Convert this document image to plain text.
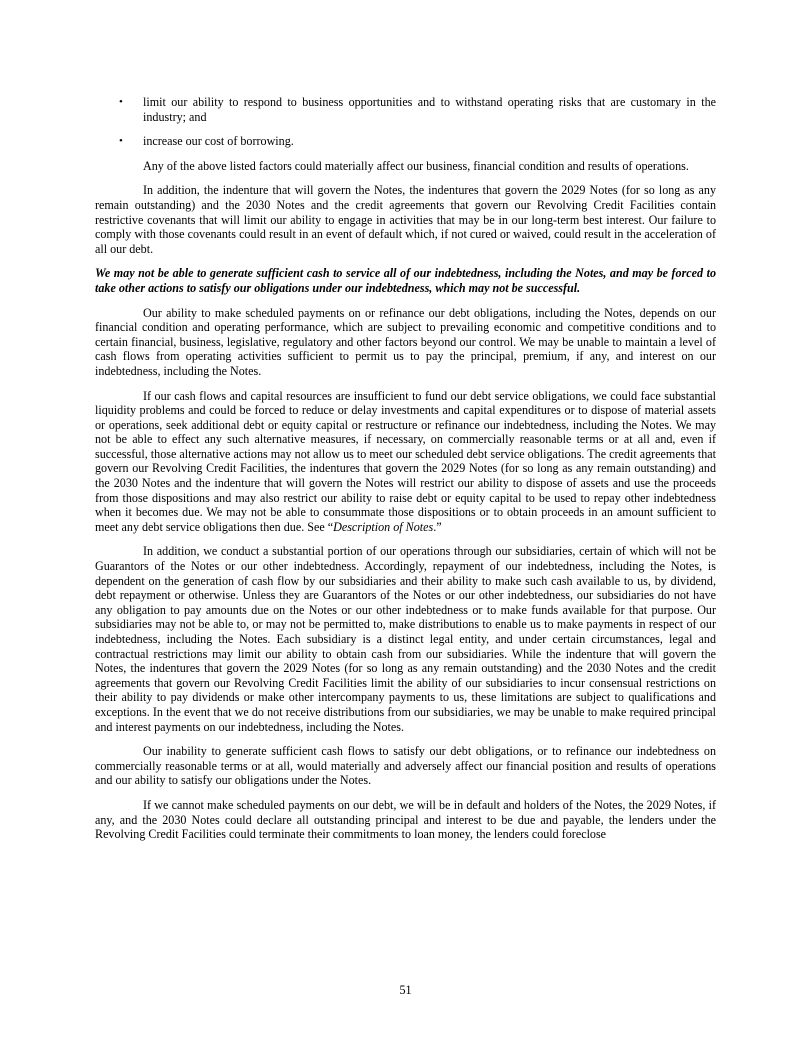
• limit our ability to respond to business opportunities and to withstand operating risks that are customary in the industry; and
• increase our cost of borrowing.

Any of the above listed factors could materially affect our business, financial condition and results of operations.

In addition, the indenture that will govern the Notes, the indentures that govern the 2029 Notes (for so long as any remain outstanding) and the 2030 Notes and the credit agreements that govern our Revolving Credit Facilities contain restrictive covenants that will limit our ability to engage in activities that may be in our long-term best interest. Our failure to comply with those covenants could result in an event of default which, if not cured or waived, could result in the acceleration of all our debt.

We may not be able to generate sufficient cash to service all of our indebtedness, including the Notes, and may be forced to take other actions to satisfy our obligations under our indebtedness, which may not be successful.

Our ability to make scheduled payments on or refinance our debt obligations, including the Notes, depends on our financial condition and operating performance, which are subject to prevailing economic and competitive conditions and to certain financial, business, legislative, regulatory and other factors beyond our control. We may be unable to maintain a level of cash flows from operating activities sufficient to permit us to pay the principal, premium, if any, and interest on our indebtedness, including the Notes.

If our cash flows and capital resources are insufficient to fund our debt service obligations, we could face substantial liquidity problems and could be forced to reduce or delay investments and capital expenditures or to dispose of material assets or operations, seek additional debt or equity capital or restructure or refinance our indebtedness, including the Notes. We may not be able to effect any such alternative measures, if necessary, on commercially reasonable terms or at all and, even if successful, those alternative actions may not allow us to meet our scheduled debt service obligations. The credit agreements that govern our Revolving Credit Facilities, the indentures that govern the 2029 Notes (for so long as any remain outstanding) and the 2030 Notes and the indenture that will govern the Notes will restrict our ability to dispose of assets and use the proceeds from those dispositions and may also restrict our ability to raise debt or equity capital to be used to repay other indebtedness when it becomes due. We may not be able to consummate those dispositions or to obtain proceeds in an amount sufficient to meet any debt service obligations then due. See “Description of Notes.”

In addition, we conduct a substantial portion of our operations through our subsidiaries, certain of which will not be Guarantors of the Notes or our other indebtedness. Accordingly, repayment of our indebtedness, including the Notes, is dependent on the generation of cash flow by our subsidiaries and their ability to make such cash available to us, by dividend, debt repayment or otherwise. Unless they are Guarantors of the Notes or our other indebtedness, our subsidiaries do not have any obligation to pay amounts due on the Notes or our other indebtedness or to make funds available for that purpose. Our subsidiaries may not be able to, or may not be permitted to, make distributions to enable us to make payments in respect of our indebtedness, including the Notes. Each subsidiary is a distinct legal entity, and under certain circumstances, legal and contractual restrictions may limit our ability to obtain cash from our subsidiaries. While the indenture that will govern the Notes, the indentures that govern the 2029 Notes (for so long as any remain outstanding) and the 2030 Notes and the credit agreements that govern our Revolving Credit Facilities limit the ability of our subsidiaries to incur consensual restrictions on their ability to pay dividends or make other intercompany payments to us, these limitations are subject to qualifications and exceptions. In the event that we do not receive distributions from our subsidiaries, we may be unable to make required principal and interest payments on our indebtedness, including the Notes.

Our inability to generate sufficient cash flows to satisfy our debt obligations, or to refinance our indebtedness on commercially reasonable terms or at all, would materially and adversely affect our financial position and results of operations and our ability to satisfy our obligations under the Notes.

If we cannot make scheduled payments on our debt, we will be in default and holders of the Notes, the 2029 Notes, if any, and the 2030 Notes could declare all outstanding principal and interest to be due and payable, the lenders under the Revolving Credit Facilities could terminate their commitments to loan money, the lenders could foreclose

51
